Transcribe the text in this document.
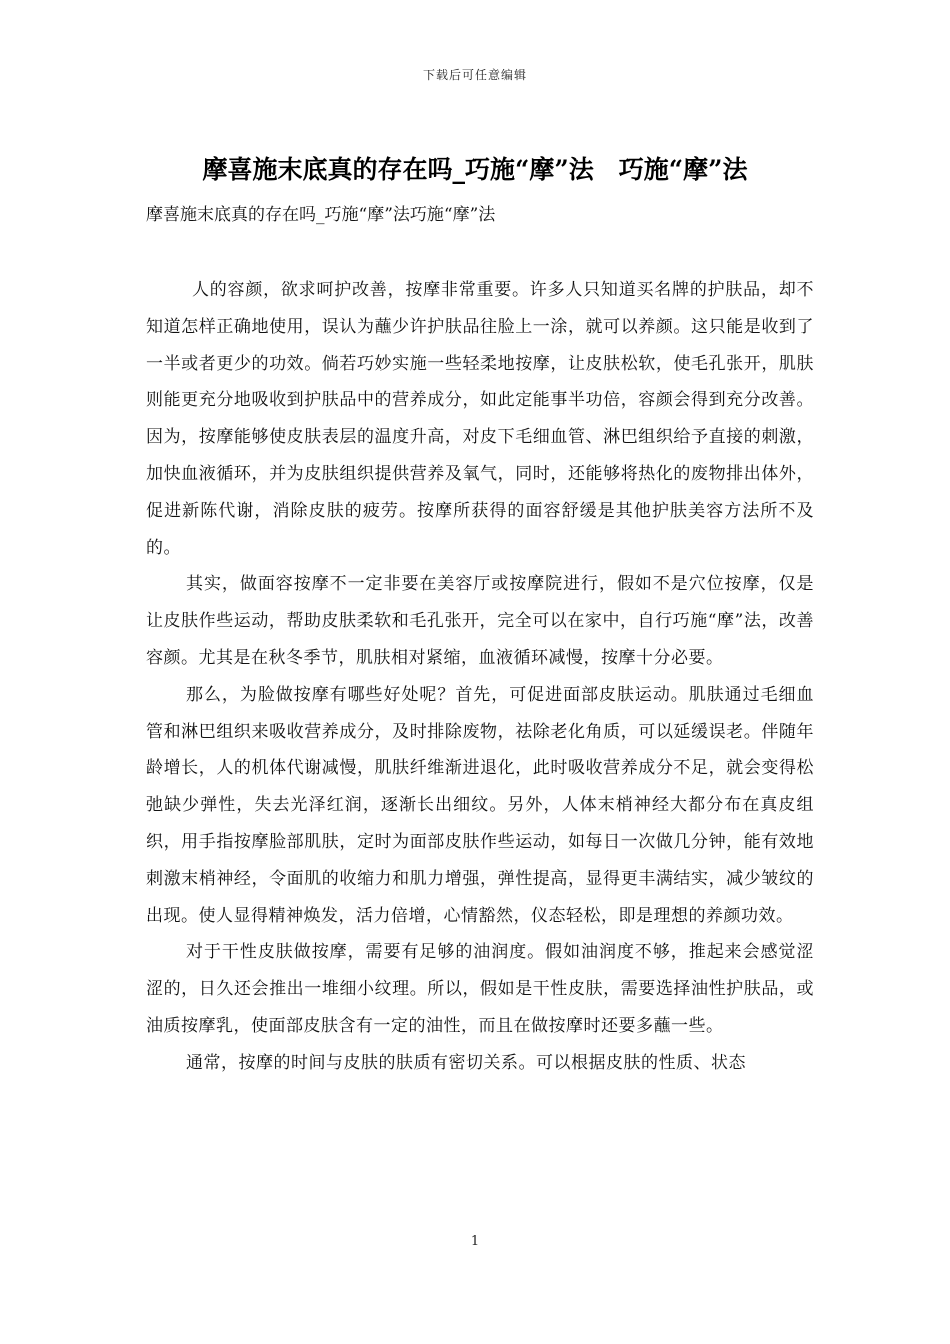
下载后可任意编辑
摩喜施末底真的存在吗_巧施“摩”法　巧施“摩”法
摩喜施末底真的存在吗_巧施“摩”法巧施“摩”法

人的容颜，欲求呵护改善，按摩非常重要。许多人只知道买名牌的护肤品，却不知道怎样正确地使用，误认为蘸少许护肤品往脸上一涂，就可以养颜。这只能是收到了一半或者更少的功效。倘若巧妙实施一些轻柔地按摩，让皮肤松软，使毛孔张开，肌肤则能更充分地吸收到护肤品中的营养成分，如此定能事半功倍，容颜会得到充分改善。因为，按摩能够使皮肤表层的温度升高，对皮下毛细血管、淋巴组织给予直接的刺激，加快血液循环，并为皮肤组织提供营养及氧气，同时，还能够将热化的废物排出体外，促进新陈代谢，消除皮肤的疲劳。按摩所获得的面容舒缓是其他护肤美容方法所不及的。

其实，做面容按摩不一定非要在美容厅或按摩院进行，假如不是穴位按摩，仅是让皮肤作些运动，帮助皮肤柔软和毛孔张开，完全可以在家中，自行巧施“摩”法，改善容颜。尤其是在秋冬季节，肌肤相对紧缩，血液循环减慢，按摩十分必要。

那么，为脸做按摩有哪些好处呢？首先，可促进面部皮肤运动。肌肤通过毛细血管和淋巴组织来吸收营养成分，及时排除废物，祛除老化角质，可以延缓误老。伴随年龄增长，人的机体代谢减慢，肌肤纤维渐进退化，此时吸收营养成分不足，就会变得松弛缺少弹性，失去光泽红润，逐渐长出细纹。另外，人体末梢神经大都分布在真皮组织，用手指按摩脸部肌肤，定时为面部皮肤作些运动，如每日一次做几分钟，能有效地刺激末梢神经，令面肌的收缩力和肌力增强，弹性提高，显得更丰满结实，减少皱纹的出现。使人显得精神焕发，活力倍增，心情豁然，仪态轻松，即是理想的养颜功效。

对于干性皮肤做按摩，需要有足够的油润度。假如油润度不够，推起来会感觉涩涩的，日久还会推出一堆细小纹理。所以，假如是干性皮肤，需要选择油性护肤品，或油质按摩乳，使面部皮肤含有一定的油性，而且在做按摩时还要多蘸一些。

通常，按摩的时间与皮肤的肤质有密切关系。可以根据皮肤的性质、状态

1
